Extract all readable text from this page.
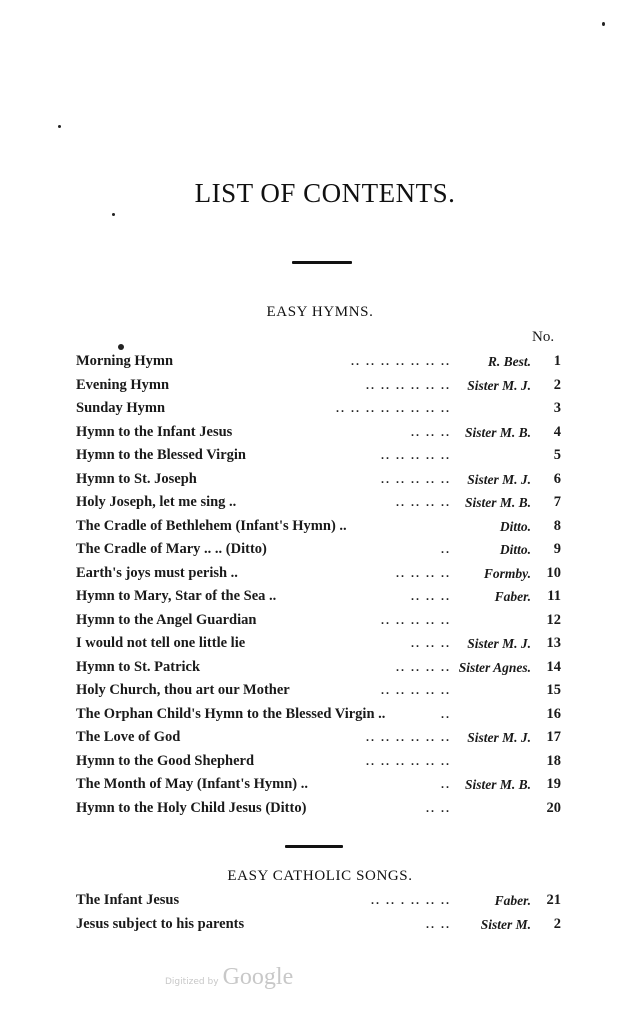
LIST OF CONTENTS.
EASY HYMNS.
No.
Morning Hymn	.. .. .. .. .. .. ..	R. Best.	1
Evening Hymn	.. .. .. .. .. .. Sister M. J.	2
Sunday Hymn	.. .. .. .. .. .. .. ..	3
Hymn to the Infant Jesus	.. .. .. Sister M. B.	4
Hymn to the Blessed Virgin	.. .. .. .. ..	5
Hymn to St. Joseph	.. .. .. .. .. Sister M. J.	6
Holy Joseph, let me sing ..	.. .. .. .. Sister M. B.	7
The Cradle of Bethlehem (Infant's Hymn) ..	Ditto.	8
The Cradle of Mary .. .. (Ditto)	..	Ditto.	9
Earth's joys must perish ..	.. .. .. .. Formby.	10
Hymn to Mary, Star of the Sea ..	.. .. ..	Faber.	11
Hymn to the Angel Guardian	.. .. .. .. ..	12
I would not tell one little lie	.. .. .. Sister M. J.	13
Hymn to St. Patrick	.. .. .. .. Sister Agnes.	14
Holy Church, thou art our Mother	.. .. .. .. ..	15
The Orphan Child's Hymn to the Blessed Virgin ..	..	16
The Love of God	.. .. .. .. .. .. Sister M. J.	17
Hymn to the Good Shepherd	.. .. .. .. .. ..	18
The Month of May (Infant's Hymn) ..	.. Sister M. B.	19
Hymn to the Holy Child Jesus (Ditto)	.. ..	20
EASY CATHOLIC SONGS.
The Infant Jesus	.. .. . .. .. ..	Faber.	21
Jesus subject to his parents	.. .. Sister M.	2
Digitized by Google
